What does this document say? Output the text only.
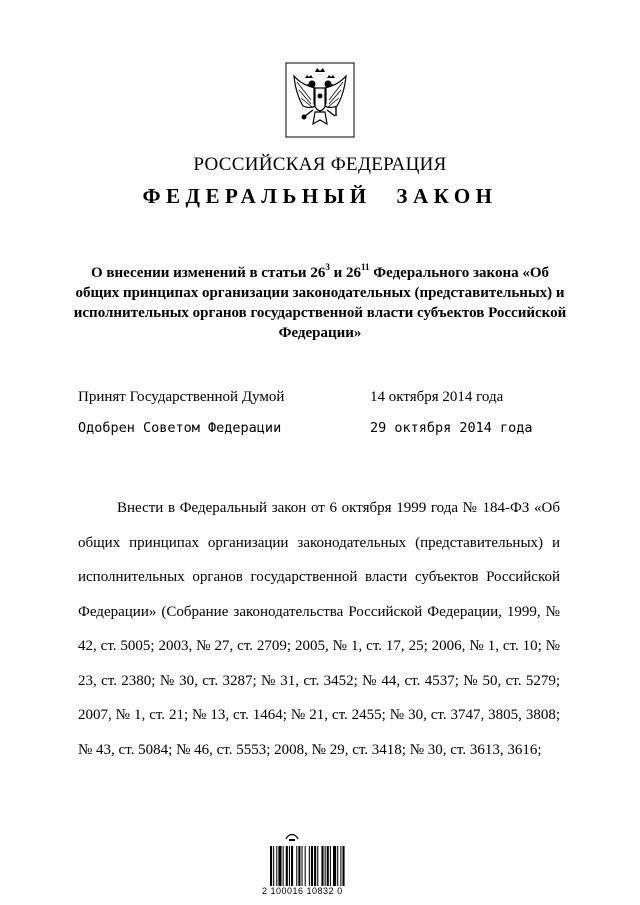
РОССИЙСКАЯ ФЕДЕРАЦИЯ
ФЕДЕРАЛЬНЫЙ ЗАКОН
О внесении изменений в статьи $26^3$ и $26^{11}$ Федерального закона «Об общих принципах организации законодательных (представительных) и исполнительных органов государственной власти субъектов Российской Федерации»
Принят Государственной Думой	14 октября 2014 года
Одобрен Советом Федерации	29 октября 2014 года
Внести в Федеральный закон от 6 октября 1999 года № 184-ФЗ «Об общих принципах организации законодательных (представительных) и исполнительных органов государственной власти субъектов Российской Федерации» (Собрание законодательства Российской Федерации, 1999, № 42, ст. 5005; 2003, № 27, ст. 2709; 2005, № 1, ст. 17, 25; 2006, № 1, ст. 10; № 23, ст. 2380; № 30, ст. 3287; № 31, ст. 3452; № 44, ст. 4537; № 50, ст. 5279; 2007, № 1, ст. 21; № 13, ст. 1464; № 21, ст. 2455; № 30, ст. 3747, 3805, 3808; № 43, ст. 5084; № 46, ст. 5553; 2008, № 29, ст. 3418; № 30, ст. 3613, 3616;
2 100016 10832 0
